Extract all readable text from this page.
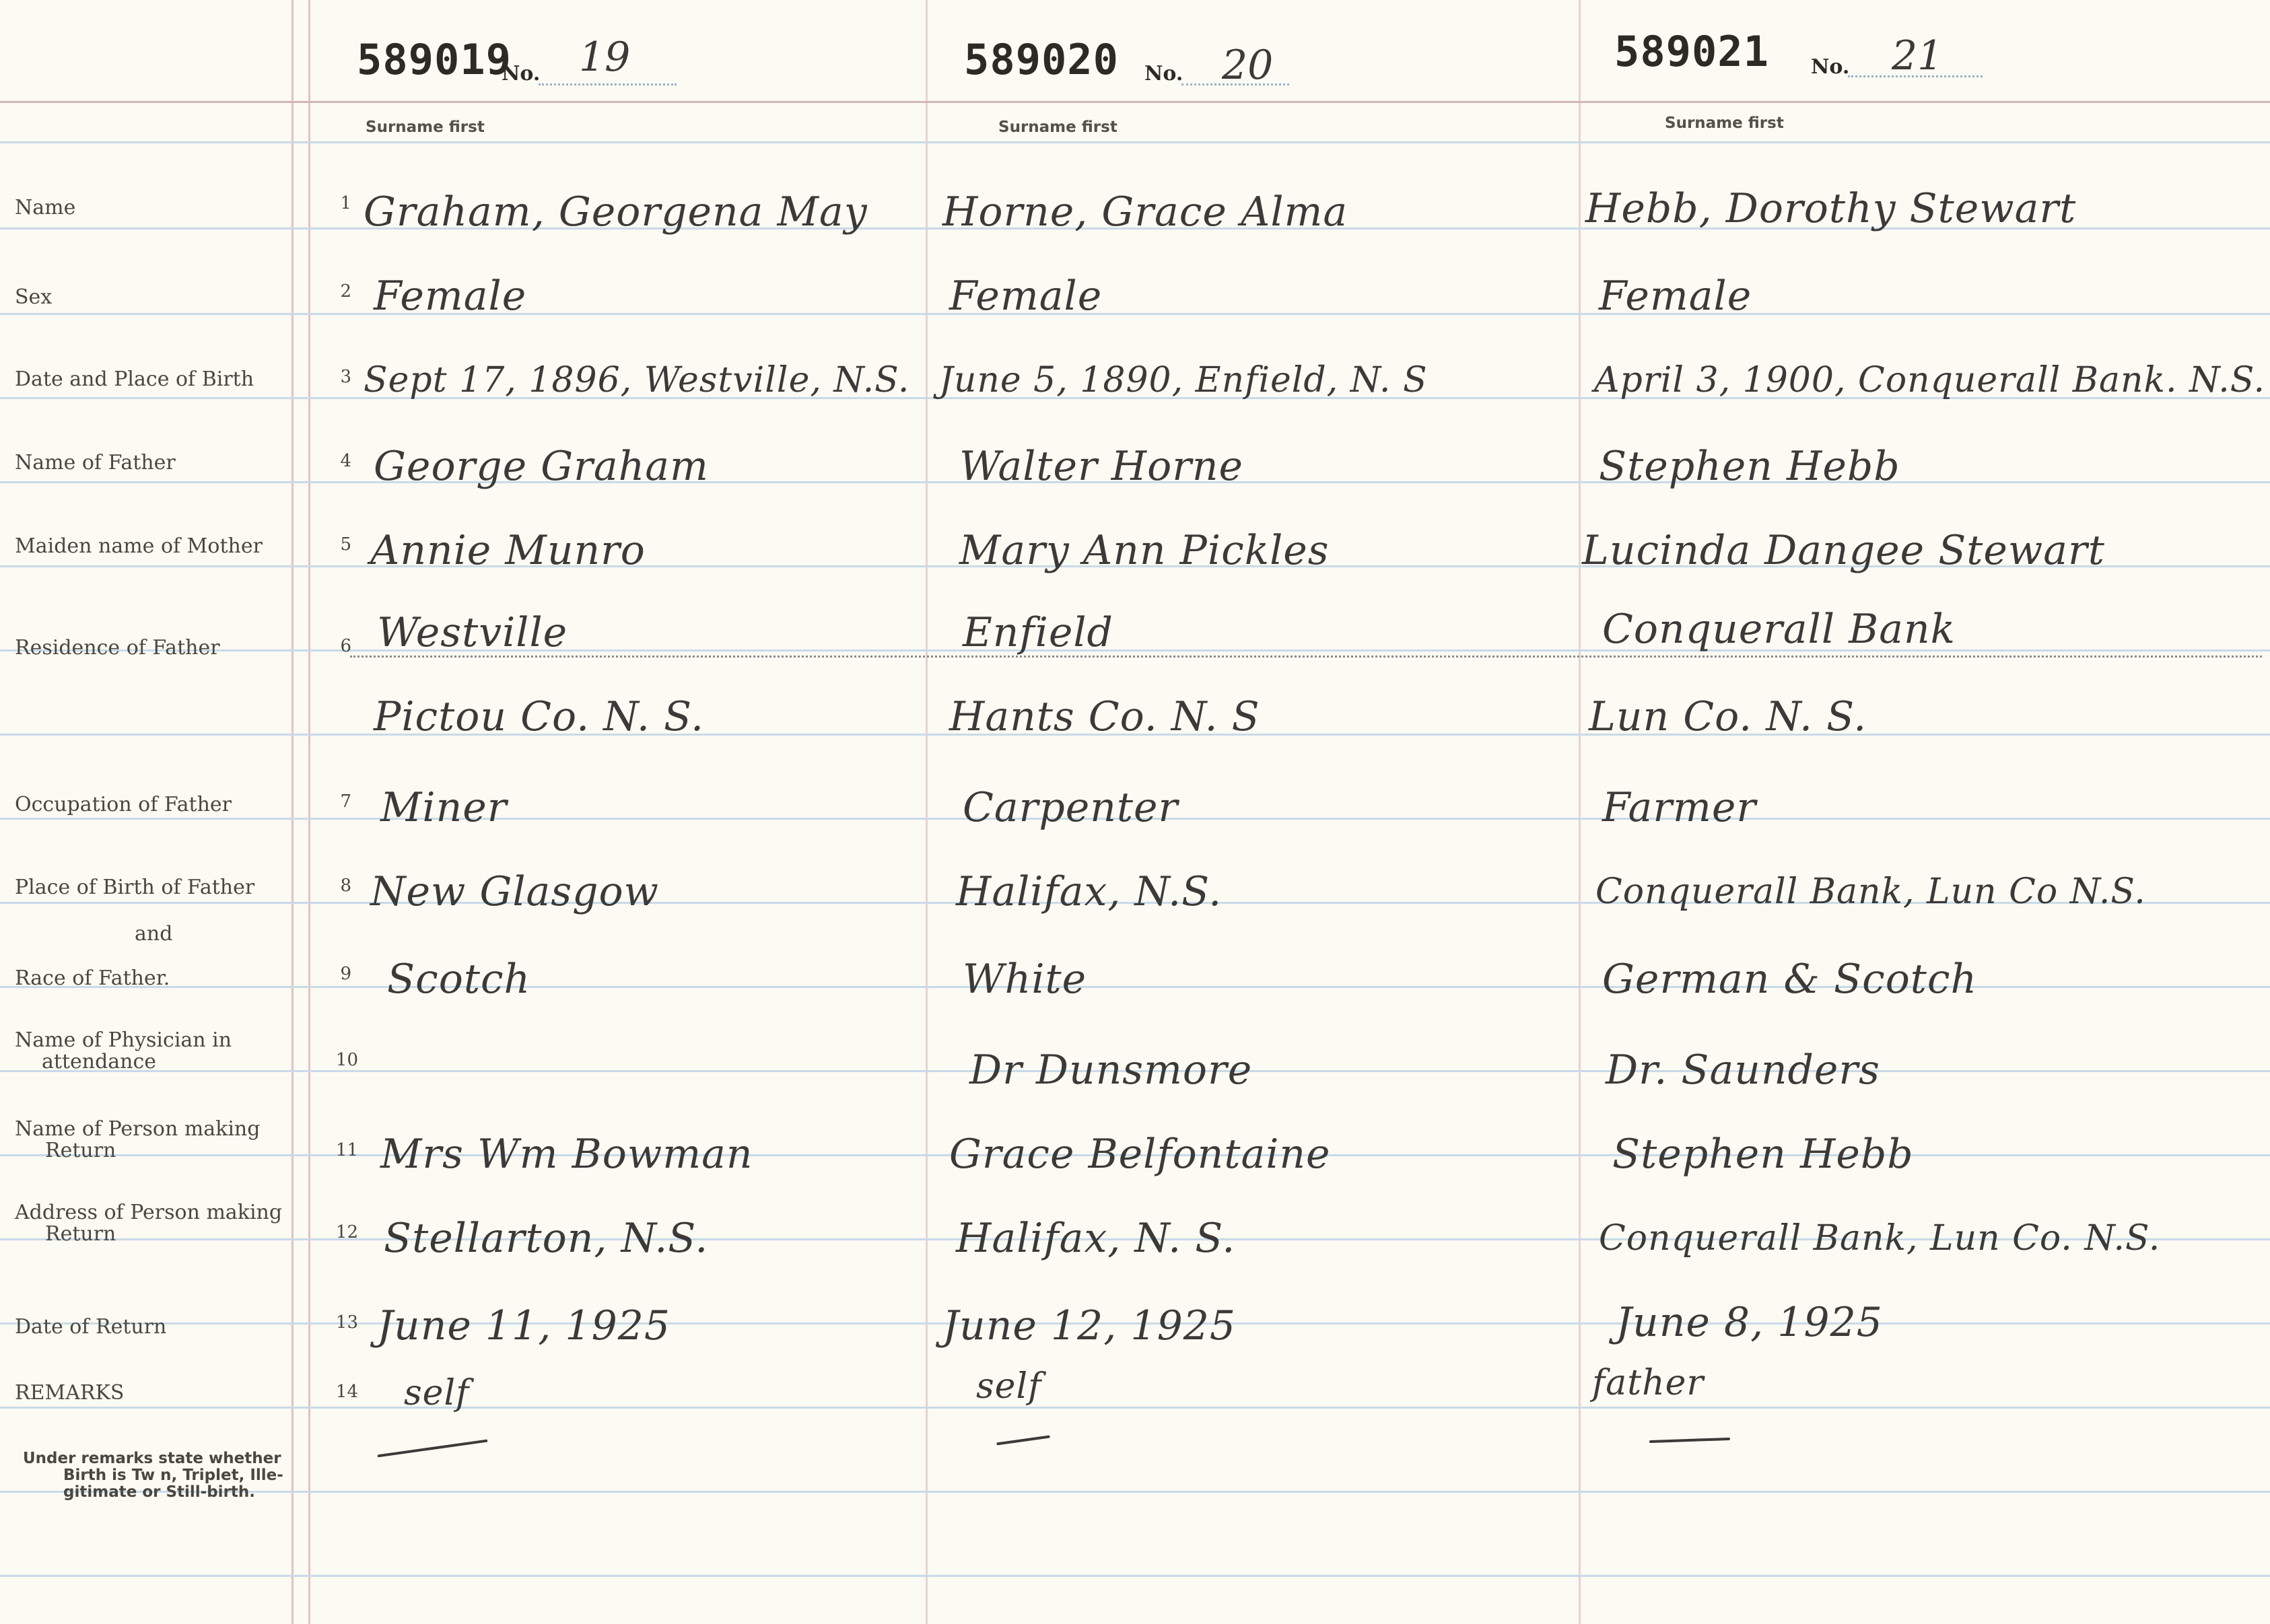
589019
No. 19
Surname first
589020 No. 20
Surname first
589021 No. 21
Surname first
Name
Sex
Date and Place of Birth
Name of Father
Maiden name of Mother
Residence of Father
Occupation of Father
Place of Birth of Father
and
Race of Father.
Name of Physician in
attendance
Name of Person making
Return
Address of Person making
Return
Date of Return
REMARKS
Under remarks state whether
Birth is Tw n, Triplet, Ille-
gitimate or Still-birth.
1
2
3
4
5
6
7
8
9
10
11
12
13
14
Graham, Georgena May
Female
Sept 17, 1896, Westville, N.S.
George Graham
Annie Munro
Westville
Pictou Co. N. S.
Miner
New Glasgow
Scotch
Mrs Wm Bowman
Stellarton, N.S.
June 11, 1925
self
Horne, Grace Alma
Female
June 5, 1890, Enfield, N. S
Walter Horne
Mary Ann Pickles
Enfield
Hants Co. N. S
Carpenter
Halifax, N.S.
White
Dr Dunsmore
Grace Belfontaine
Halifax, N. S.
June 12, 1925
self
Hebb, Dorothy Stewart
Female
April 3, 1900, Conquerall Bank. N.S.
Stephen Hebb
Lucinda Dangee Stewart
Conquerall Bank
Lun Co. N. S.
Farmer
Conquerall Bank, Lun Co N.S.
German & Scotch
Dr. Saunders
Stephen Hebb
Conquerall Bank, Lun Co. N.S.
June 8, 1925
father
